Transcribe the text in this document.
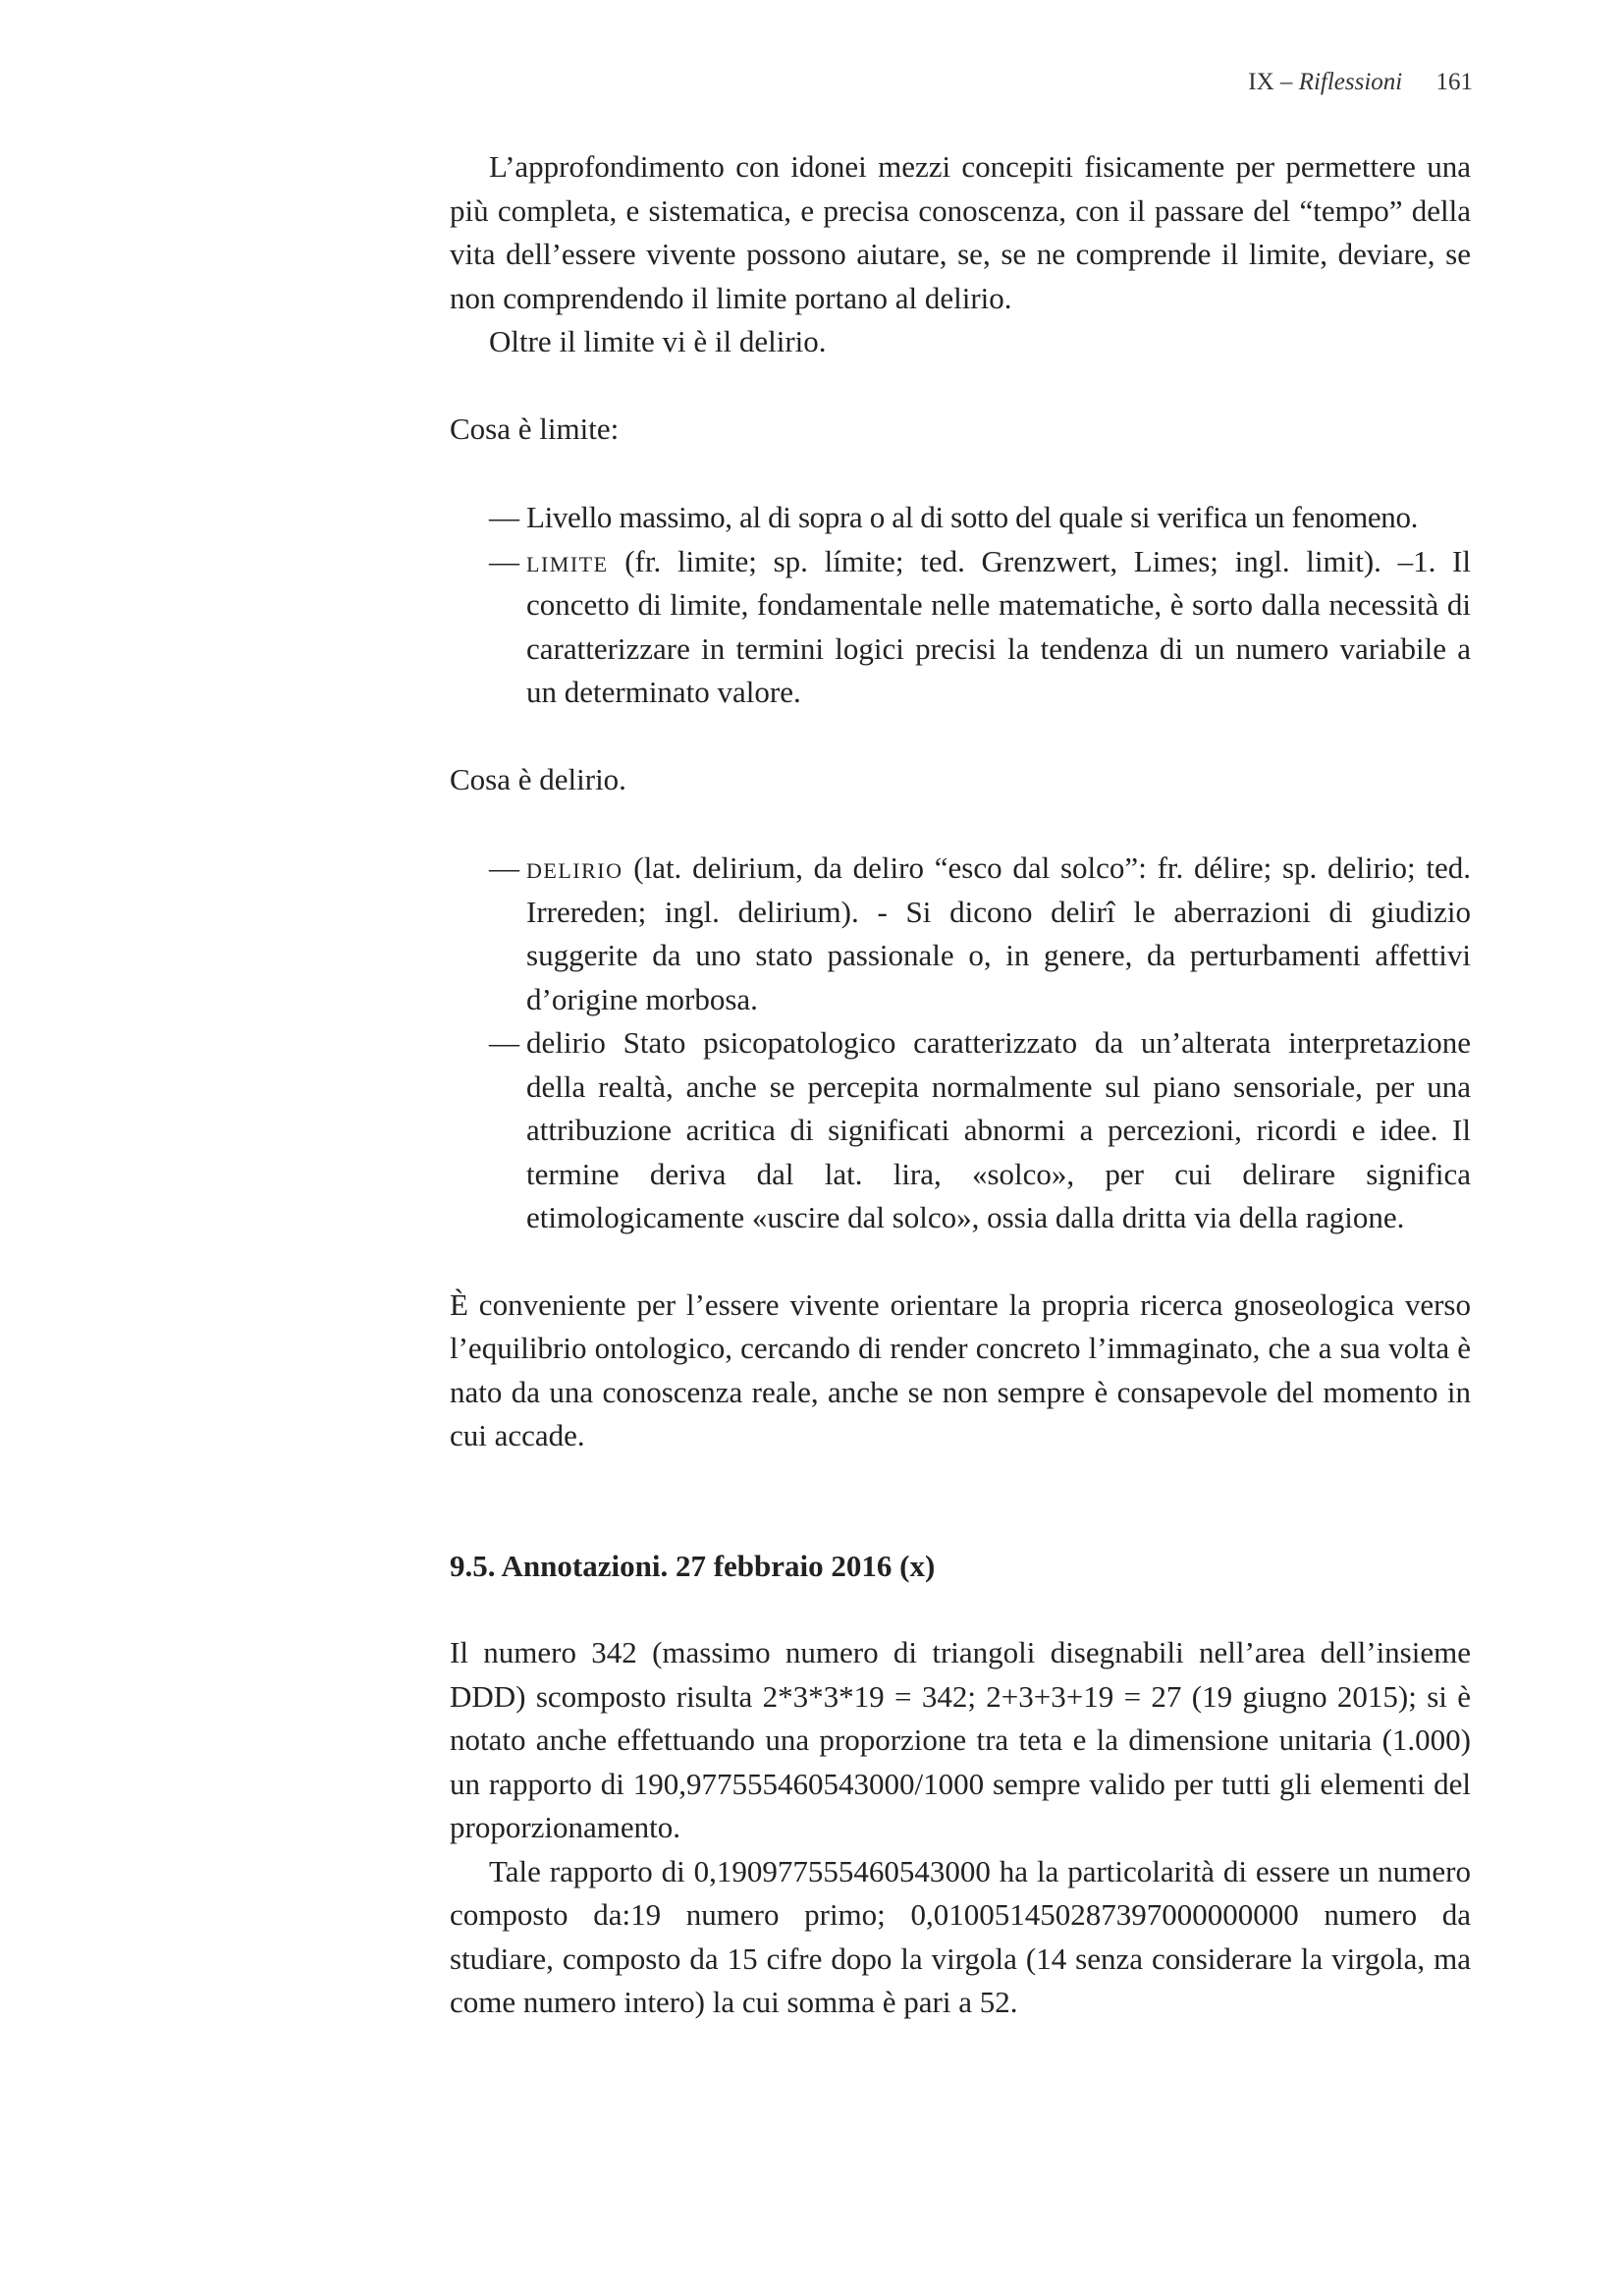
IX – Riflessioni 161

L’approfondimento con idonei mezzi concepiti fisicamente per permettere una più completa, e sistematica, e precisa conoscenza, con il passare del “tempo” della vita dell’essere vivente possono aiutare, se, se ne comprende il limite, deviare, se non comprendendo il limite portano al delirio.

Oltre il limite vi è il delirio.

Cosa è limite:

— Livello massimo, al di sopra o al di sotto del quale si verifica un fenomeno.
— limite (fr. limite; sp. límite; ted. Grenzwert, Limes; ingl. limit). –1. Il concetto di limite, fondamentale nelle matematiche, è sorto dalla necessità di caratterizzare in termini logici precisi la tendenza di un numero variabile a un determinato valore.

Cosa è delirio.

— delirio (lat. delirium, da deliro “esco dal solco”: fr. délire; sp. delirio; ted. Irrereden; ingl. delirium). - Si dicono delirî le aberrazioni di giudizio suggerite da uno stato passionale o, in genere, da perturbamenti affettivi d’origine morbosa.
— delirio Stato psicopatologico caratterizzato da un’alterata interpretazione della realtà, anche se percepita normalmente sul piano sensoriale, per una attribuzione acritica di significati abnormi a percezioni, ricordi e idee. Il termine deriva dal lat. lira, «solco», per cui delirare significa etimologicamente «uscire dal solco», ossia dalla dritta via della ragione.

È conveniente per l’essere vivente orientare la propria ricerca gnoseologica verso l’equilibrio ontologico, cercando di render concreto l’immaginato, che a sua volta è nato da una conoscenza reale, anche se non sempre è consapevole del momento in cui accade.

9.5. Annotazioni. 27 febbraio 2016 (x)

Il numero 342 (massimo numero di triangoli disegnabili nell’area dell’insieme DDD) scomposto risulta 2*3*3*19 = 342; 2+3+3+19 = 27 (19 giugno 2015); si è notato anche effettuando una proporzione tra teta e la dimensione unitaria (1.000) un rapporto di 190,977555460543000/1000 sempre valido per tutti gli elementi del proporzionamento.

Tale rapporto di 0,190977555460543000 ha la particolarità di essere un numero composto da:19 numero primo; 0,010051450287397000000000 numero da studiare, composto da 15 cifre dopo la virgola (14 senza considerare la virgola, ma come numero intero) la cui somma è pari a 52.
